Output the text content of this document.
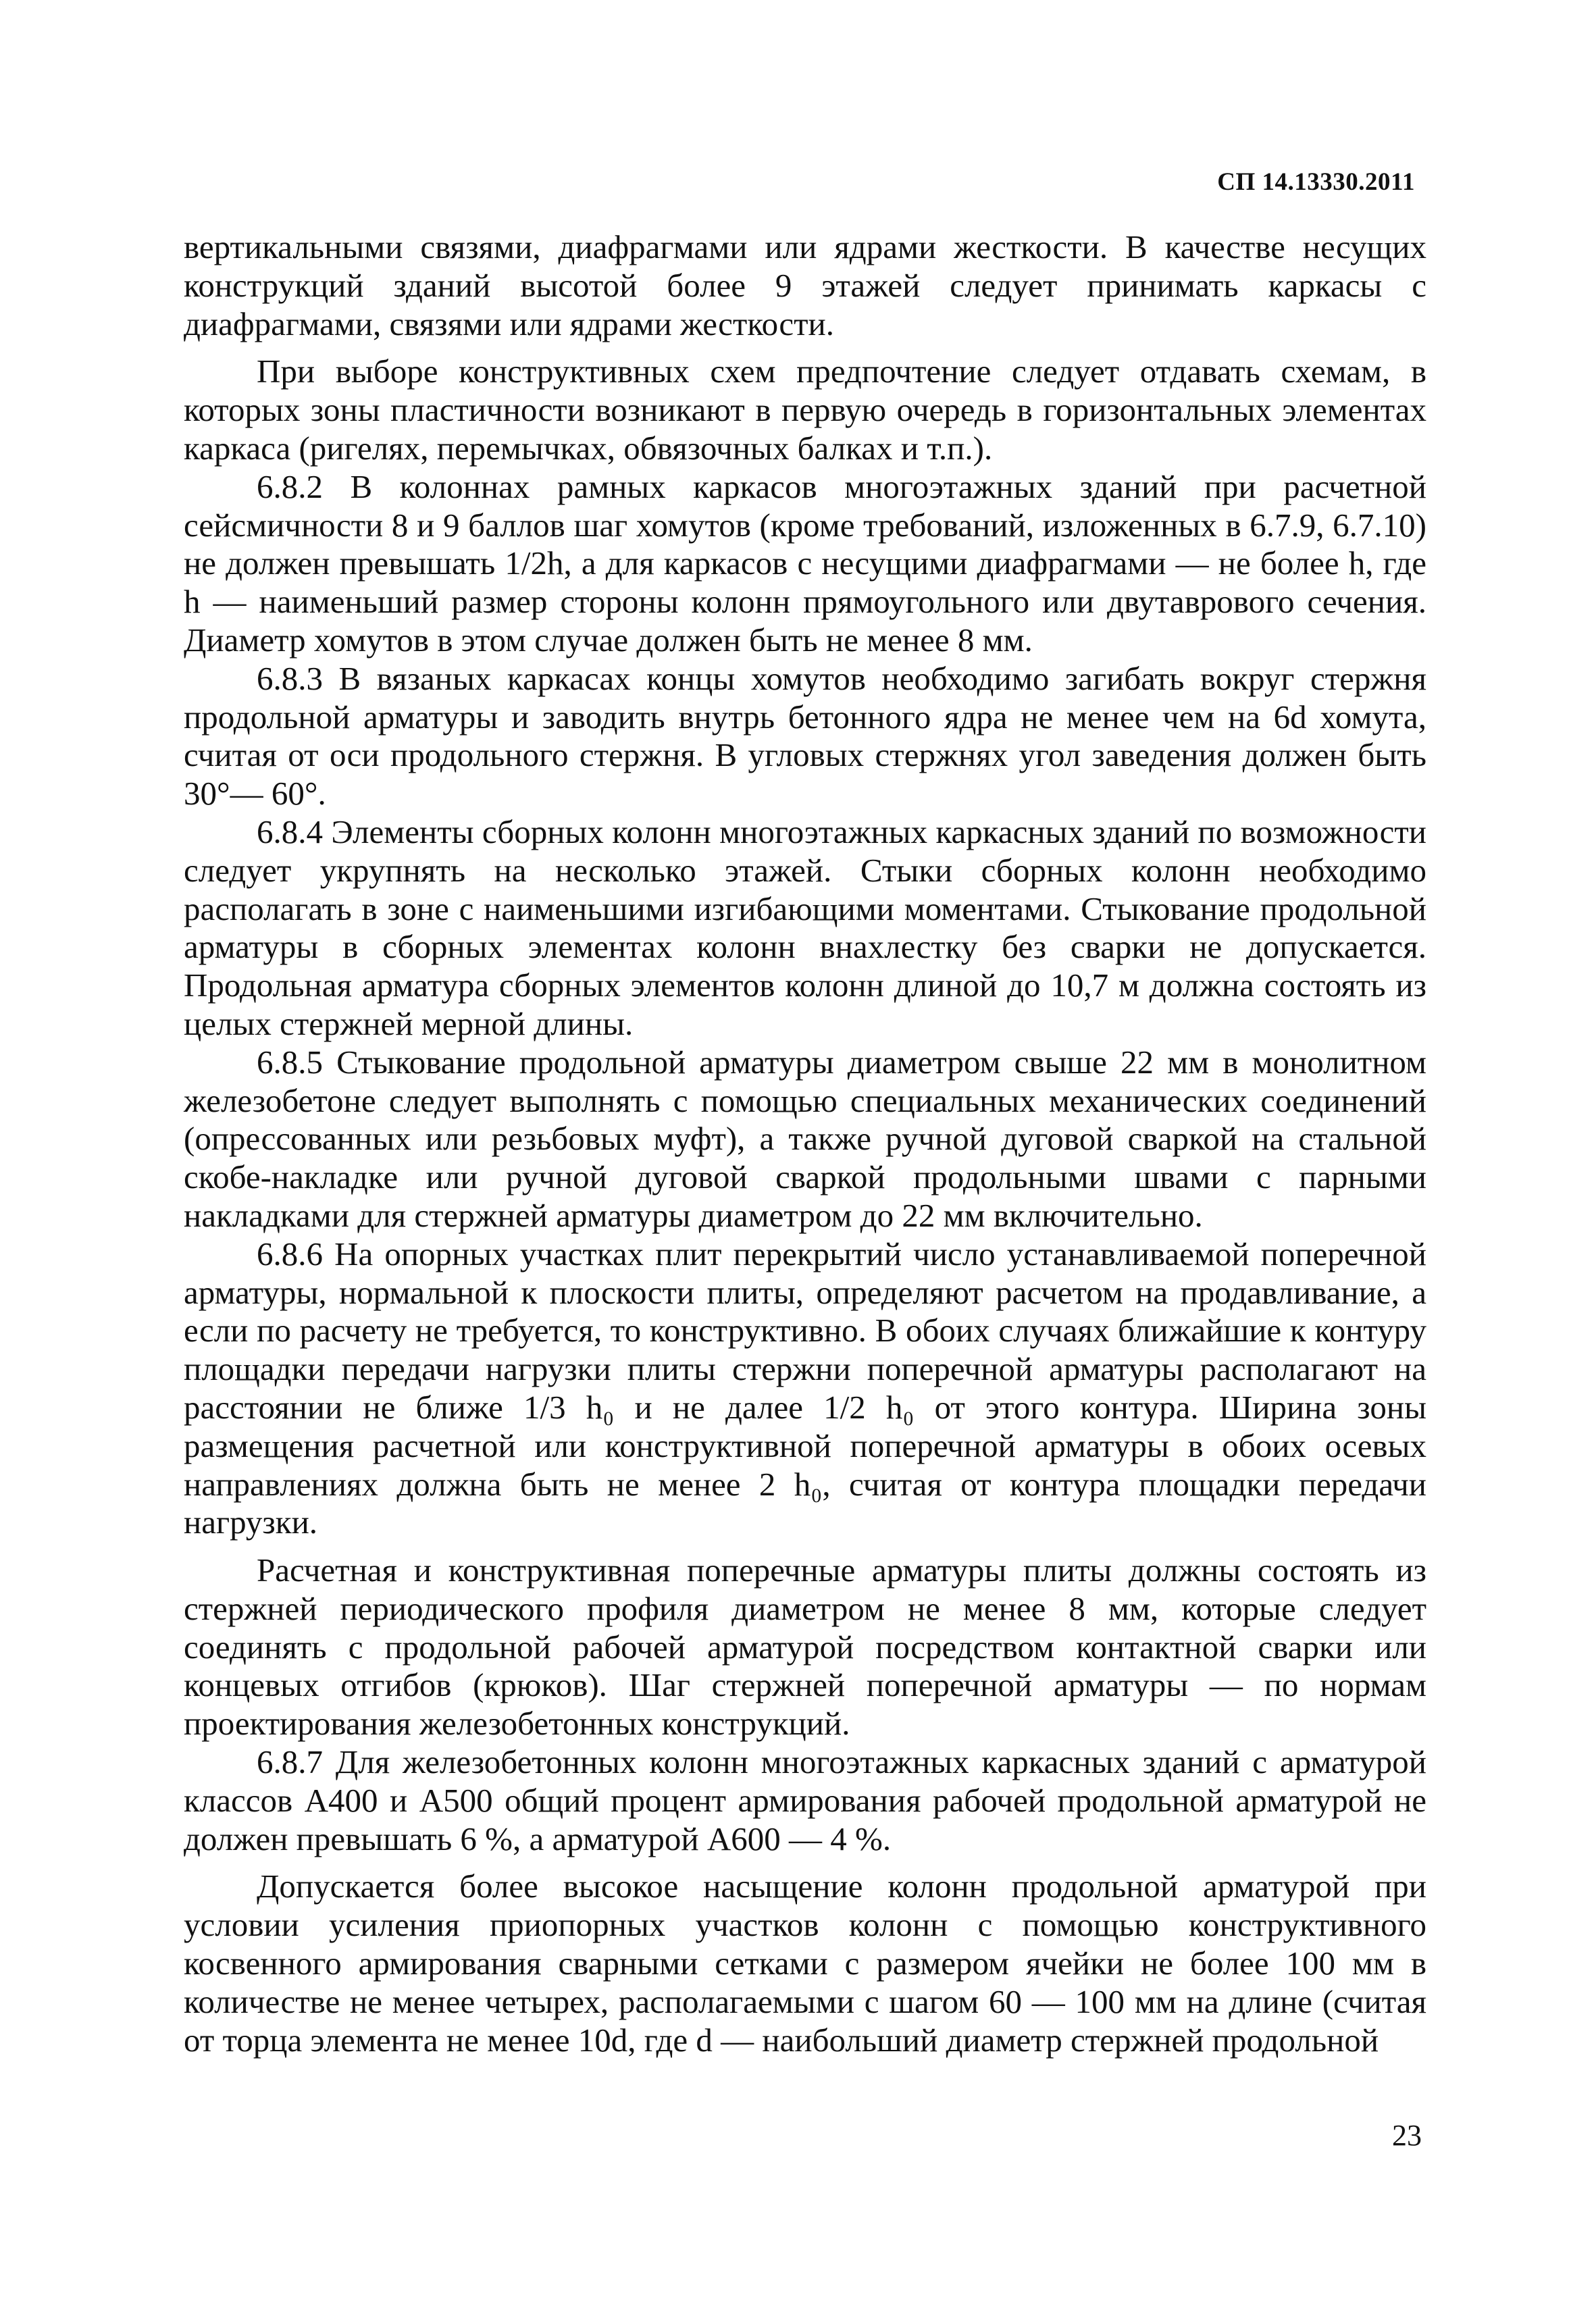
СП 14.13330.2011

вертикальными связями, диафрагмами или ядрами жесткости. В качестве несущих конструкций зданий высотой более 9 этажей следует принимать каркасы с диафрагмами, связями или ядрами жесткости.

При выборе конструктивных схем предпочтение следует отдавать схемам, в которых зоны пластичности возникают в первую очередь в горизонтальных элементах каркаса (ригелях, перемычках, обвязочных балках и т.п.).

6.8.2 В колоннах рамных каркасов многоэтажных зданий при расчетной сейсмичности 8 и 9 баллов шаг хомутов (кроме требований, изложенных в 6.7.9, 6.7.10) не должен превышать 1/2h, а для каркасов с несущими диафрагмами — не более h, где h — наименьший размер стороны колонн прямоугольного или двутаврового сечения. Диаметр хомутов в этом случае должен быть не менее 8 мм.

6.8.3 В вязаных каркасах концы хомутов необходимо загибать вокруг стержня продольной арматуры и заводить внутрь бетонного ядра не менее чем на 6d хомута, считая от оси продольного стержня. В угловых стержнях угол заведения должен быть 30°— 60°.

6.8.4 Элементы сборных колонн многоэтажных каркасных зданий по возможности следует укрупнять на несколько этажей. Стыки сборных колонн необходимо располагать в зоне с наименьшими изгибающими моментами. Стыкование продольной арматуры в сборных элементах колонн внахлестку без сварки не допускается. Продольная арматура сборных элементов колонн длиной до 10,7 м должна состоять из целых стержней мерной длины.

6.8.5 Стыкование продольной арматуры диаметром свыше 22 мм в монолитном железобетоне следует выполнять с помощью специальных механических соединений (опрессованных или резьбовых муфт), а также ручной дуговой сваркой на стальной скобе-накладке или ручной дуговой сваркой продольными швами с парными накладками для стержней арматуры диаметром до 22 мм включительно.

6.8.6 На опорных участках плит перекрытий число устанавливаемой поперечной арматуры, нормальной к плоскости плиты, определяют расчетом на продавливание, а если по расчету не требуется, то конструктивно. В обоих случаях ближайшие к контуру площадки передачи нагрузки плиты стержни поперечной арматуры располагают на расстоянии не ближе 1/3 h₀ и не далее 1/2 h₀ от этого контура. Ширина зоны размещения расчетной или конструктивной поперечной арматуры в обоих осевых направлениях должна быть не менее 2 h₀, считая от контура площадки передачи нагрузки.

Расчетная и конструктивная поперечные арматуры плиты должны состоять из стержней периодического профиля диаметром не менее 8 мм, которые следует соединять с продольной рабочей арматурой посредством контактной сварки или концевых отгибов (крюков). Шаг стержней поперечной арматуры — по нормам проектирования железобетонных конструкций.

6.8.7 Для железобетонных колонн многоэтажных каркасных зданий с арматурой классов А400 и А500 общий процент армирования рабочей продольной арматурой не должен превышать 6 %, а арматурой А600 — 4 %.

Допускается более высокое насыщение колонн продольной арматурой при условии усиления приопорных участков колонн с помощью конструктивного косвенного армирования сварными сетками с размером ячейки не более 100 мм в количестве не менее четырех, располагаемыми с шагом 60 — 100 мм на длине (считая от торца элемента не менее 10d, где d — наибольший диаметр стержней продольной

23
